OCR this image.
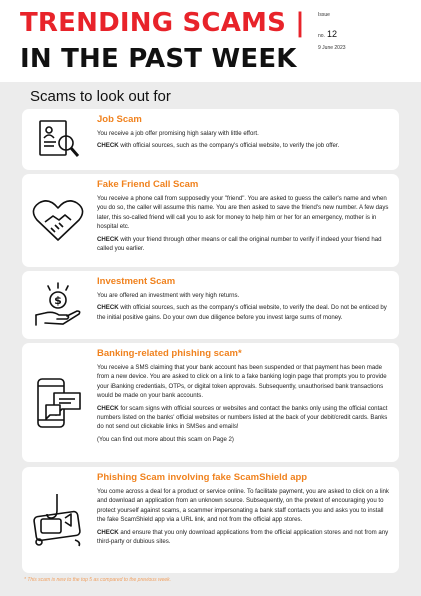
TRENDING SCAMS |
IN THE PAST WEEK
Issue
no. 12
9 June 2023
Scams to look out for
Job Scam

You receive a job offer promising high salary with little effort.

CHECK with official sources, such as the company's official website, to verify the job offer.

Fake Friend Call Scam

You receive a phone call from supposedly your "friend". You are asked to guess the caller's name and when you do so, the caller will assume this name. You are then asked to save the friend's new number. A few days later, this so-called friend will call you to ask for money to help him or her for an emergency, mother is in hospital etc.

CHECK with your friend through other means or call the original number to verify if indeed your friend had called you earlier.

$
Investment Scam

You are offered an investment with very high returns.

CHECK with official sources, such as the company's official website, to verify the deal. Do not be enticed by the initial positive gains. Do your own due diligence before you invest large sums of money.

Banking-related phishing scam*

You receive a SMS claiming that your bank account has been suspended or that payment has been made from a new device. You are asked to click on a link to a fake banking login page that prompts you to provide your iBanking credentials, OTPs, or digital token approvals. Subsequently, unauthorised bank transactions would be made on your bank accounts.

CHECK for scam signs with official sources or websites and contact the banks only using the official contact numbers listed on the banks' official websites or numbers listed at the back of your debit/credit cards. Banks do not send out clickable links in SMSes and emails!

(You can find out more about this scam on Page 2)

Phishing Scam involving fake ScamShield app

You come across a deal for a product or service online. To facilitate payment, you are asked to click on a link and download an application from an unknown source. Subsequently, on the pretext of encouraging you to protect yourself against scams, a scammer impersonating a bank staff contacts you and asks you to install the fake ScamShield app via a URL link, and not from the official app stores.

CHECK and ensure that you only download applications from the official application stores and not from any third-party or dubious sites.

* This scam is new to the top 5 as compared to the previous week.
